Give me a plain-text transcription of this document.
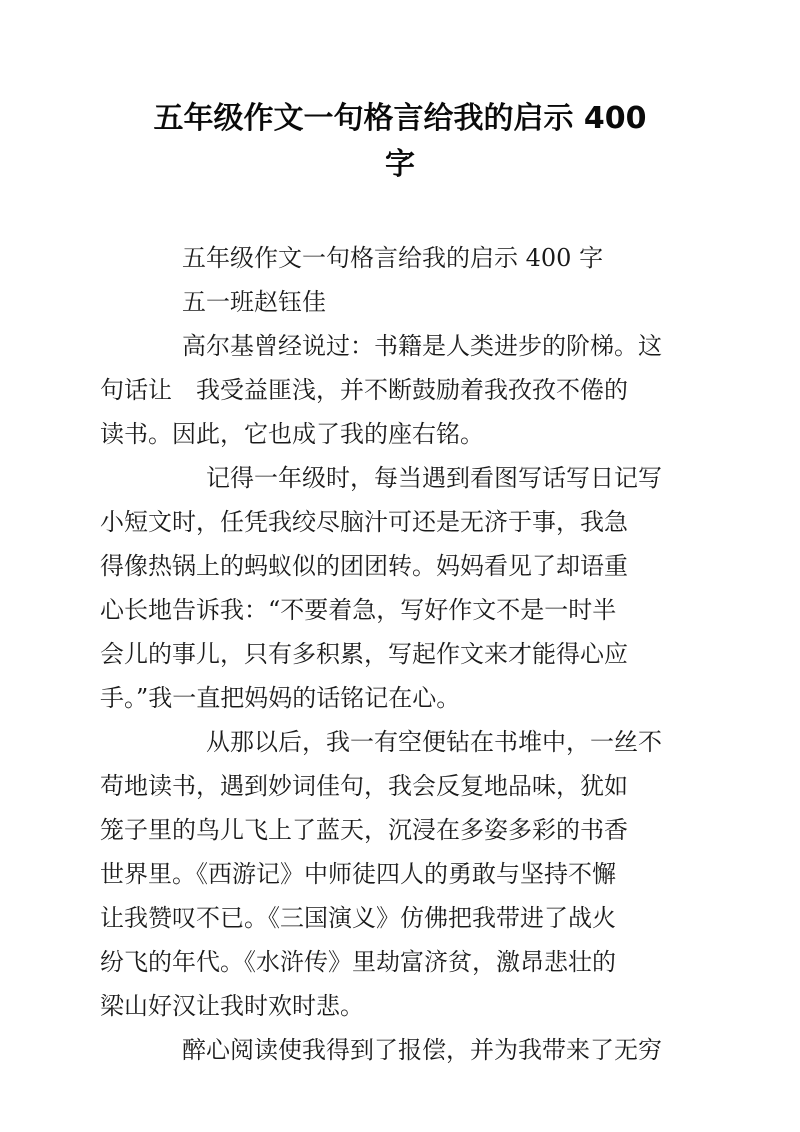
五年级作文一句格言给我的启示 400
字
五年级作文一句格言给我的启示 400 字
五一班赵钰佳
高尔基曾经说过：书籍是人类进步的阶梯。这
句话让　我受益匪浅，并不断鼓励着我孜孜不倦的
读书。因此，它也成了我的座右铭。
记得一年级时，每当遇到看图写话写日记写
小短文时，任凭我绞尽脑汁可还是无济于事，我急
得像热锅上的蚂蚁似的团团转。妈妈看见了却语重
心长地告诉我：“不要着急，写好作文不是一时半
会儿的事儿，只有多积累，写起作文来才能得心应
手。”我一直把妈妈的话铭记在心。
从那以后，我一有空便钻在书堆中，一丝不
苟地读书，遇到妙词佳句，我会反复地品味，犹如
笼子里的鸟儿飞上了蓝天，沉浸在多姿多彩的书香
世界里。《西游记》中师徒四人的勇敢与坚持不懈
让我赞叹不已。《三国演义》仿佛把我带进了战火
纷飞的年代。《水浒传》里劫富济贫，激昂悲壮的
梁山好汉让我时欢时悲。
醉心阅读使我得到了报偿，并为我带来了无穷
